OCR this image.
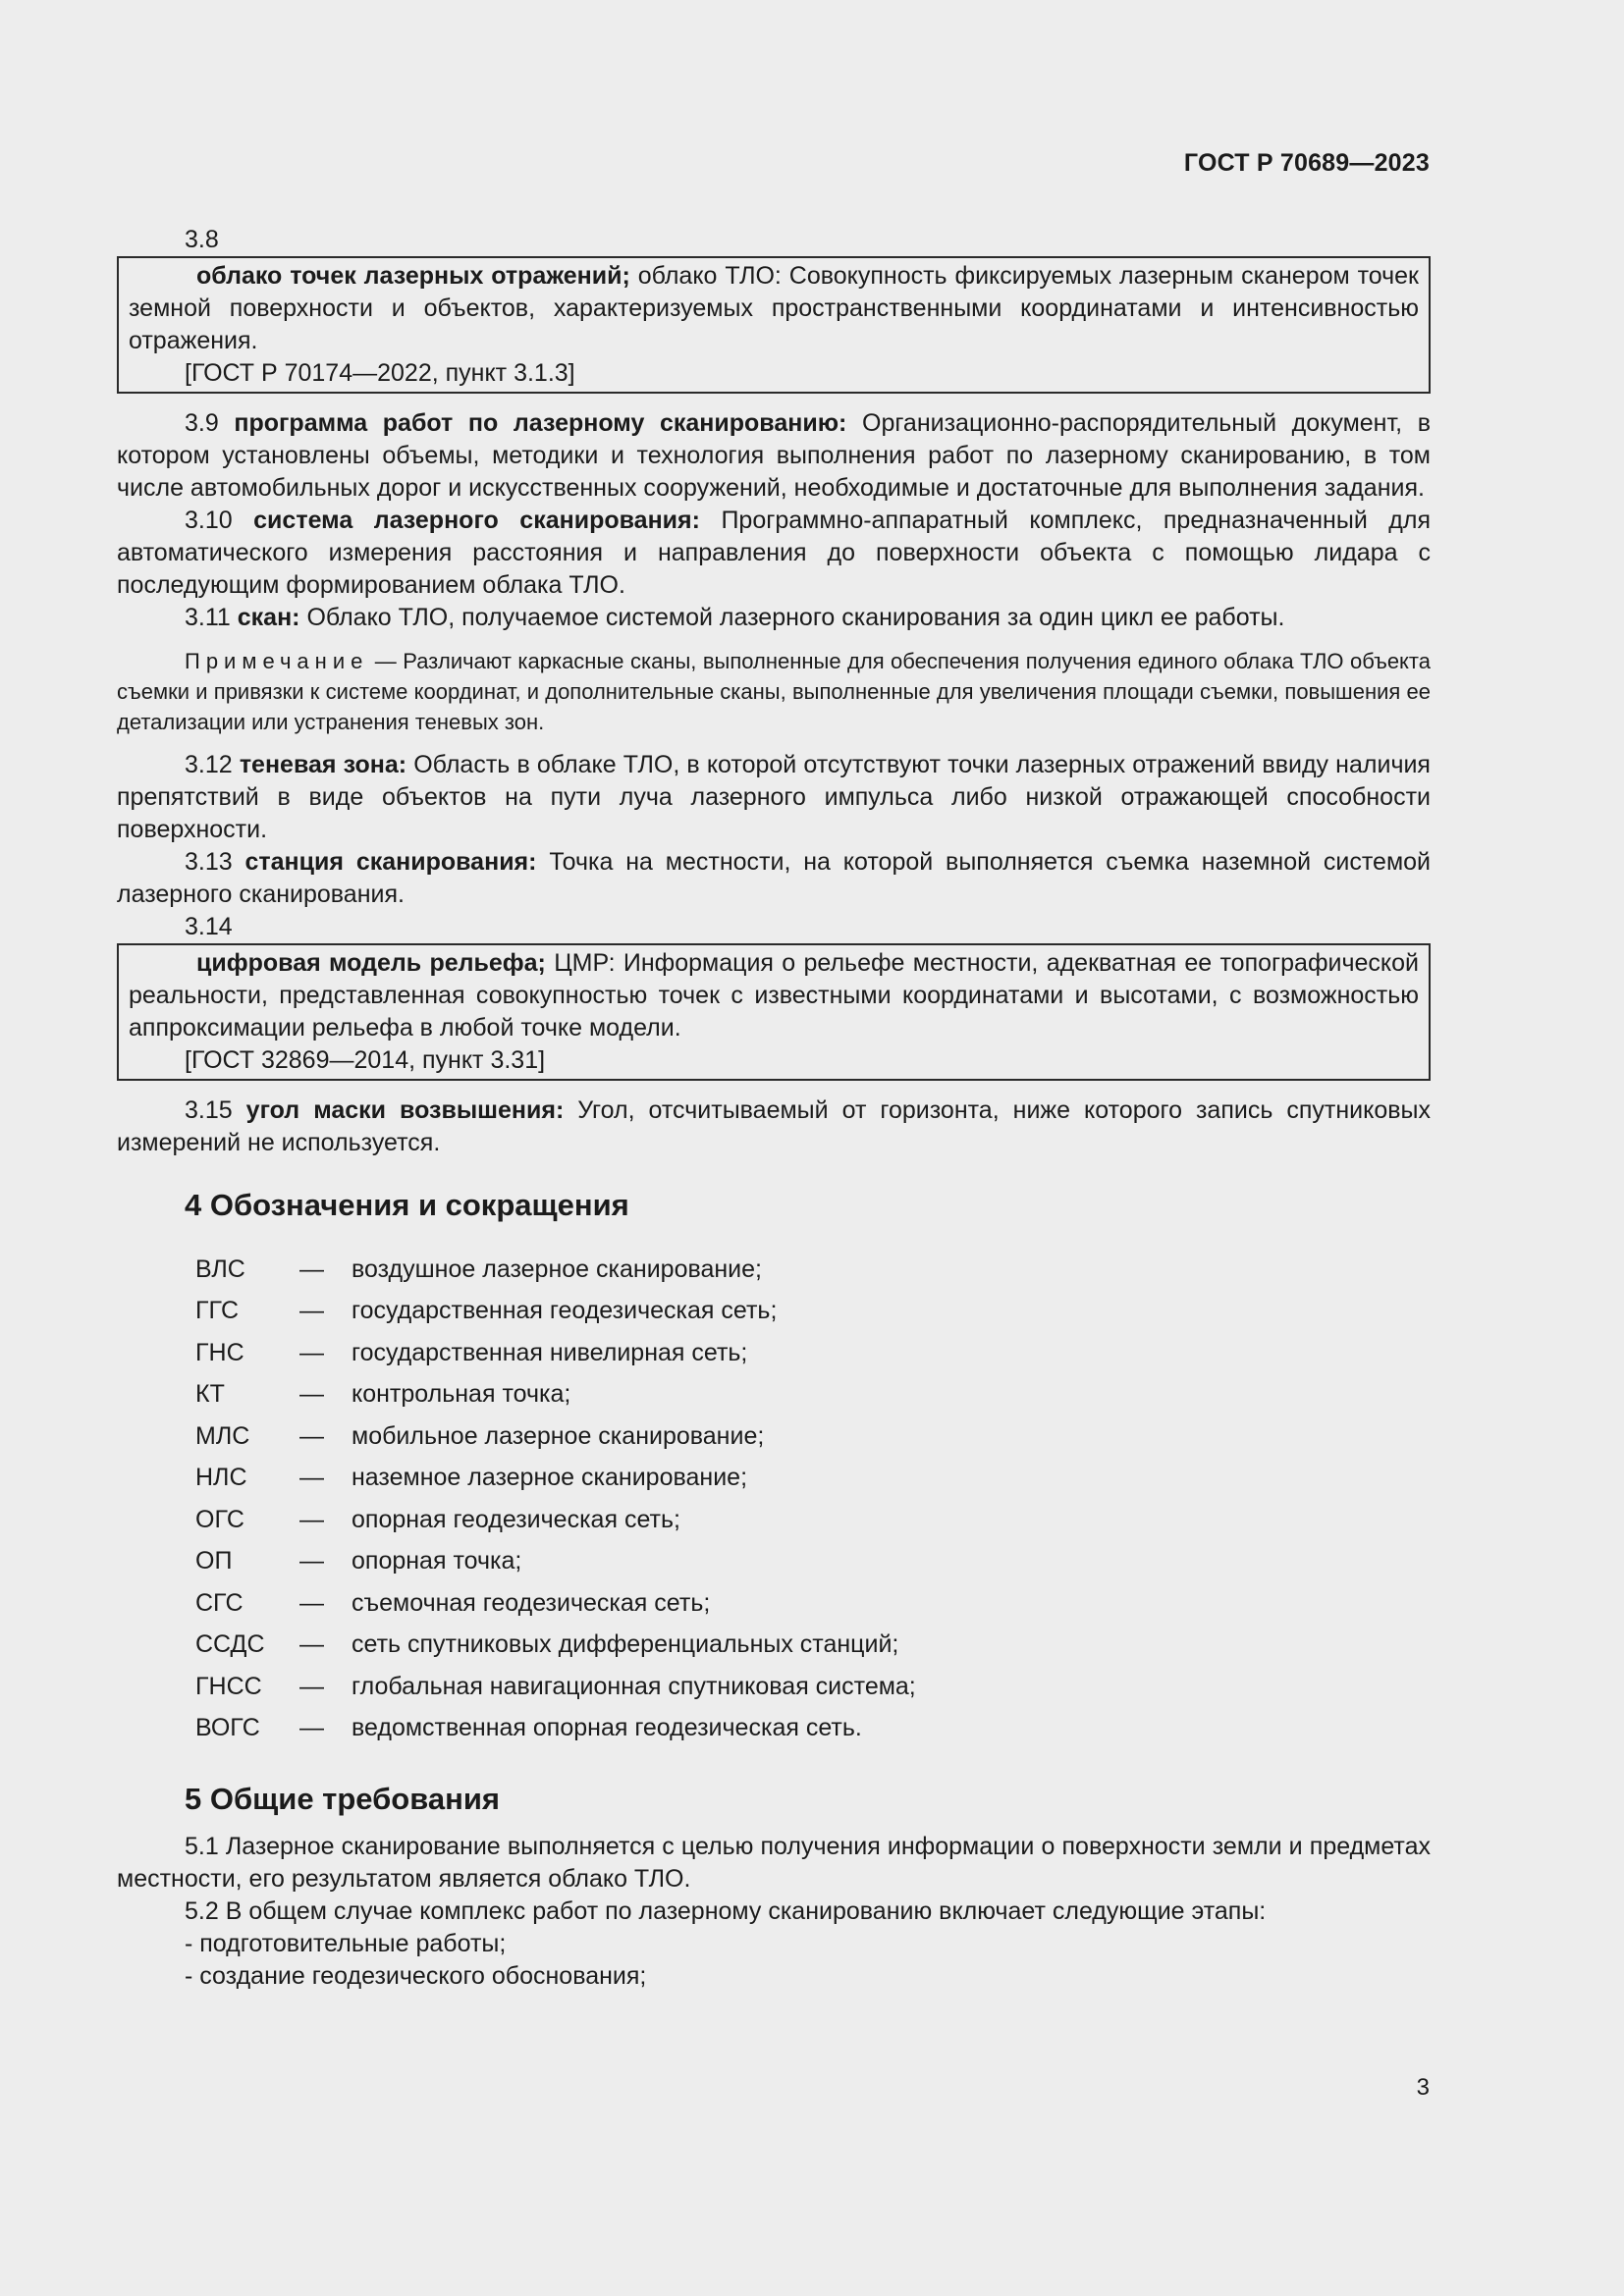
ГОСТ Р 70689—2023
3.8

облако точек лазерных отражений; облако ТЛО: Совокупность фиксируемых лазерным сканером точек земной поверхности и объектов, характеризуемых пространственными координатами и интенсивностью отражения.

[ГОСТ Р 70174—2022, пункт 3.1.3]

3.9 программа работ по лазерному сканированию: Организационно-распорядительный документ, в котором установлены объемы, методики и технология выполнения работ по лазерному сканированию, в том числе автомобильных дорог и искусственных сооружений, необходимые и достаточные для выполнения задания.

3.10 система лазерного сканирования: Программно-аппаратный комплекс, предназначенный для автоматического измерения расстояния и направления до поверхности объекта с помощью лидара с последующим формированием облака ТЛО.

3.11 скан: Облако ТЛО, получаемое системой лазерного сканирования за один цикл ее работы.

Примечание — Различают каркасные сканы, выполненные для обеспечения получения единого облака ТЛО объекта съемки и привязки к системе координат, и дополнительные сканы, выполненные для увеличения площади съемки, повышения ее детализации или устранения теневых зон.

3.12 теневая зона: Область в облаке ТЛО, в которой отсутствуют точки лазерных отражений ввиду наличия препятствий в виде объектов на пути луча лазерного импульса либо низкой отражающей способности поверхности.

3.13 станция сканирования: Точка на местности, на которой выполняется съемка наземной системой лазерного сканирования.

3.14

цифровая модель рельефа; ЦМР: Информация о рельефе местности, адекватная ее топографической реальности, представленная совокупностью точек с известными координатами и высотами, с возможностью аппроксимации рельефа в любой точке модели.

[ГОСТ 32869—2014, пункт 3.31]

3.15 угол маски возвышения: Угол, отсчитываемый от горизонта, ниже которого запись спутниковых измерений не используется.

4 Обозначения и сокращения
ВЛС	—	воздушное лазерное сканирование;
ГГС	—	государственная геодезическая сеть;
ГНС	—	государственная нивелирная сеть;
КТ	—	контрольная точка;
МЛС	—	мобильное лазерное сканирование;
НЛС	—	наземное лазерное сканирование;
ОГС	—	опорная геодезическая сеть;
ОП	—	опорная точка;
СГС	—	съемочная геодезическая сеть;
ССДС	—	сеть спутниковых дифференциальных станций;
ГНСС	—	глобальная навигационная спутниковая система;
ВОГС	—	ведомственная опорная геодезическая сеть.
5 Общие требования

5.1 Лазерное сканирование выполняется с целью получения информации о поверхности земли и предметах местности, его результатом является облако ТЛО.

5.2 В общем случае комплекс работ по лазерному сканированию включает следующие этапы:

- подготовительные работы;
- создание геодезического обоснования;
3
